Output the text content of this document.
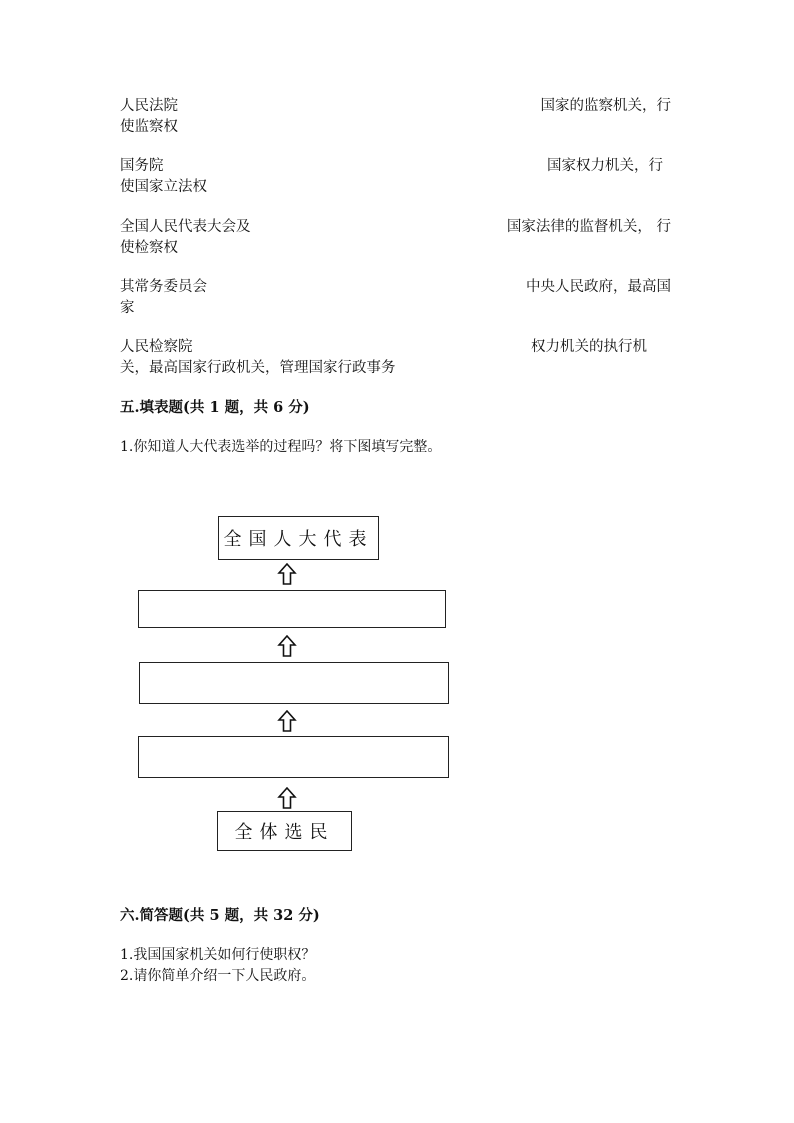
人民法院	国家的监察机关，行
使监察权
国务院	国家权力机关，行
使国家立法权
全国人民代表大会及	国家法律的监督机关， 行
使检察权
其常务委员会	中央人民政府，最高国
家
人民检察院	权力机关的执行机
关，最高国家行政机关，管理国家行政事务
五.填表题(共 1 题，共 6 分)
1.你知道人大代表选举的过程吗？将下图填写完整。
全国人大代表
全体选民
六.简答题(共 5 题，共 32 分)
1.我国国家机关如何行使职权？
2.请你简单介绍一下人民政府。
